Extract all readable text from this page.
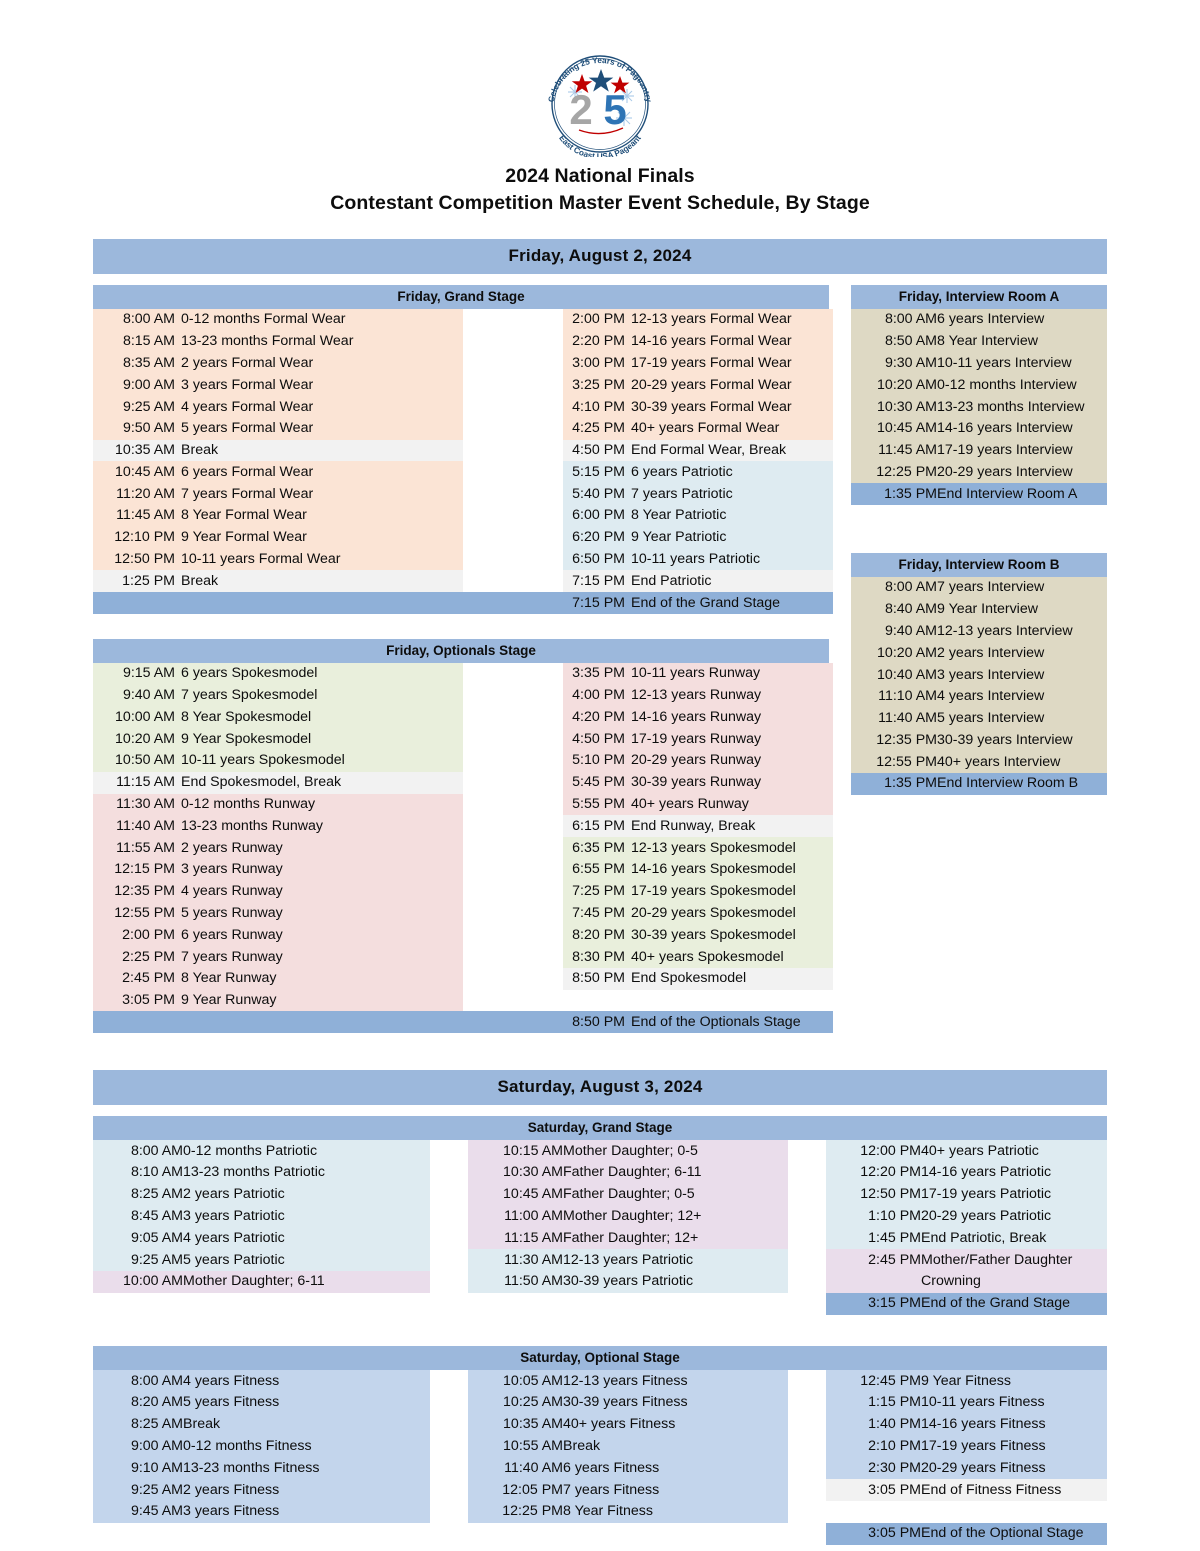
Celebrating 25 Years of Pageantry
East Coast USA Pageant
2 5
2024 National Finals
Contestant Competition Master Event Schedule, By Stage
Friday, August 2, 2024
Friday, Grand Stage
8:00 AM 0-12 months Formal Wear		2:00 PM 12-13 years Formal Wear

8:15 AM 13-23 months Formal Wear		2:20 PM 14-16 years Formal Wear

8:35 AM 2 years Formal Wear		3:00 PM 17-19 years Formal Wear

9:00 AM 3 years Formal Wear		3:25 PM 20-29 years Formal Wear

9:25 AM 4 years Formal Wear		4:10 PM 30-39 years Formal Wear

9:50 AM 5 years Formal Wear		4:25 PM 40+ years Formal Wear

10:35 AM Break		4:50 PM End Formal Wear, Break

10:45 AM 6 years Formal Wear		5:15 PM 6 years Patriotic

11:20 AM 7 years Formal Wear		5:40 PM 7 years Patriotic

11:45 AM 8 Year Formal Wear		6:00 PM 8 Year Patriotic

12:10 PM 9 Year Formal Wear		6:20 PM 9 Year Patriotic

12:50 PM 10-11 years Formal Wear		6:50 PM 10-11 years Patriotic

1:25 PM Break		7:15 PM End Patriotic

		7:15 PM End of the Grand Stage
Friday, Optionals Stage
9:15 AM 6 years Spokesmodel		3:35 PM 10-11 years Runway

9:40 AM 7 years Spokesmodel		4:00 PM 12-13 years Runway

10:00 AM 8 Year Spokesmodel		4:20 PM 14-16 years Runway

10:20 AM 9 Year Spokesmodel		4:50 PM 17-19 years Runway

10:50 AM 10-11 years Spokesmodel		5:10 PM 20-29 years Runway

11:15 AM End Spokesmodel, Break		5:45 PM 30-39 years Runway

11:30 AM 0-12 months Runway		5:55 PM 40+ years Runway

11:40 AM 13-23 months Runway		6:15 PM End Runway, Break

11:55 AM 2 years Runway		6:35 PM 12-13 years Spokesmodel

12:15 PM 3 years Runway		6:55 PM 14-16 years Spokesmodel

12:35 PM 4 years Runway		7:25 PM 17-19 years Spokesmodel

12:55 PM 5 years Runway		7:45 PM 20-29 years Spokesmodel

2:00 PM 6 years Runway		8:20 PM 30-39 years Spokesmodel

2:25 PM 7 years Runway		8:30 PM 40+ years Spokesmodel

2:45 PM 8 Year Runway		8:50 PM End Spokesmodel

3:05 PM 9 Year Runway		

		8:50 PM End of the Optionals Stage
Friday, Interview Room A
8:00 AM	6 years Interview
8:50 AM	8 Year Interview
9:30 AM	10-11 years Interview
10:20 AM	0-12 months Interview
10:30 AM	13-23 months Interview
10:45 AM	14-16 years Interview
11:45 AM	17-19 years Interview
12:25 PM	20-29 years Interview
1:35 PM	End Interview Room A
Friday, Interview Room B
8:00 AM	7 years Interview
8:40 AM	9 Year Interview
9:40 AM	12-13 years Interview
10:20 AM	2 years Interview
10:40 AM	3 years Interview
11:10 AM	4 years Interview
11:40 AM	5 years Interview
12:35 PM	30-39 years Interview
12:55 PM	40+ years Interview
1:35 PM	End Interview Room B
Saturday, August 3, 2024
Saturday, Grand Stage
8:00 AM	0-12 months Patriotic		10:15 AM	Mother Daughter; 0-5		12:00 PM	40+ years Patriotic
8:10 AM	13-23 months Patriotic		10:30 AM	Father Daughter; 6-11		12:20 PM	14-16 years Patriotic
8:25 AM	2 years Patriotic		10:45 AM	Father Daughter; 0-5		12:50 PM	17-19 years Patriotic
8:45 AM	3 years Patriotic		11:00 AM	Mother Daughter; 12+		1:10 PM	20-29 years Patriotic
9:05 AM	4 years Patriotic		11:15 AM	Father Daughter; 12+		1:45 PM	End Patriotic, Break
9:25 AM	5 years Patriotic		11:30 AM	12-13 years Patriotic		2:45 PM	Mother/Father Daughter
10:00 AM	Mother Daughter; 6-11		11:50 AM	30-39 years Patriotic			Crowning
						3:15 PM	End of the Grand Stage

Saturday, Optional Stage
8:00 AM	4 years Fitness		10:05 AM	12-13 years Fitness		12:45 PM	9 Year Fitness
8:20 AM	5 years Fitness		10:25 AM	30-39 years Fitness		1:15 PM	10-11 years Fitness
8:25 AM	Break		10:35 AM	40+ years Fitness		1:40 PM	14-16 years Fitness
9:00 AM	0-12 months Fitness		10:55 AM	Break		2:10 PM	17-19 years Fitness
9:10 AM	13-23 months Fitness		11:40 AM	6 years Fitness		2:30 PM	20-29 years Fitness
9:25 AM	2 years Fitness		12:05 PM	7 years Fitness		3:05 PM	End of Fitness Fitness
9:45 AM	3 years Fitness		12:25 PM	8 Year Fitness			
						3:05 PM	End of the Optional Stage
